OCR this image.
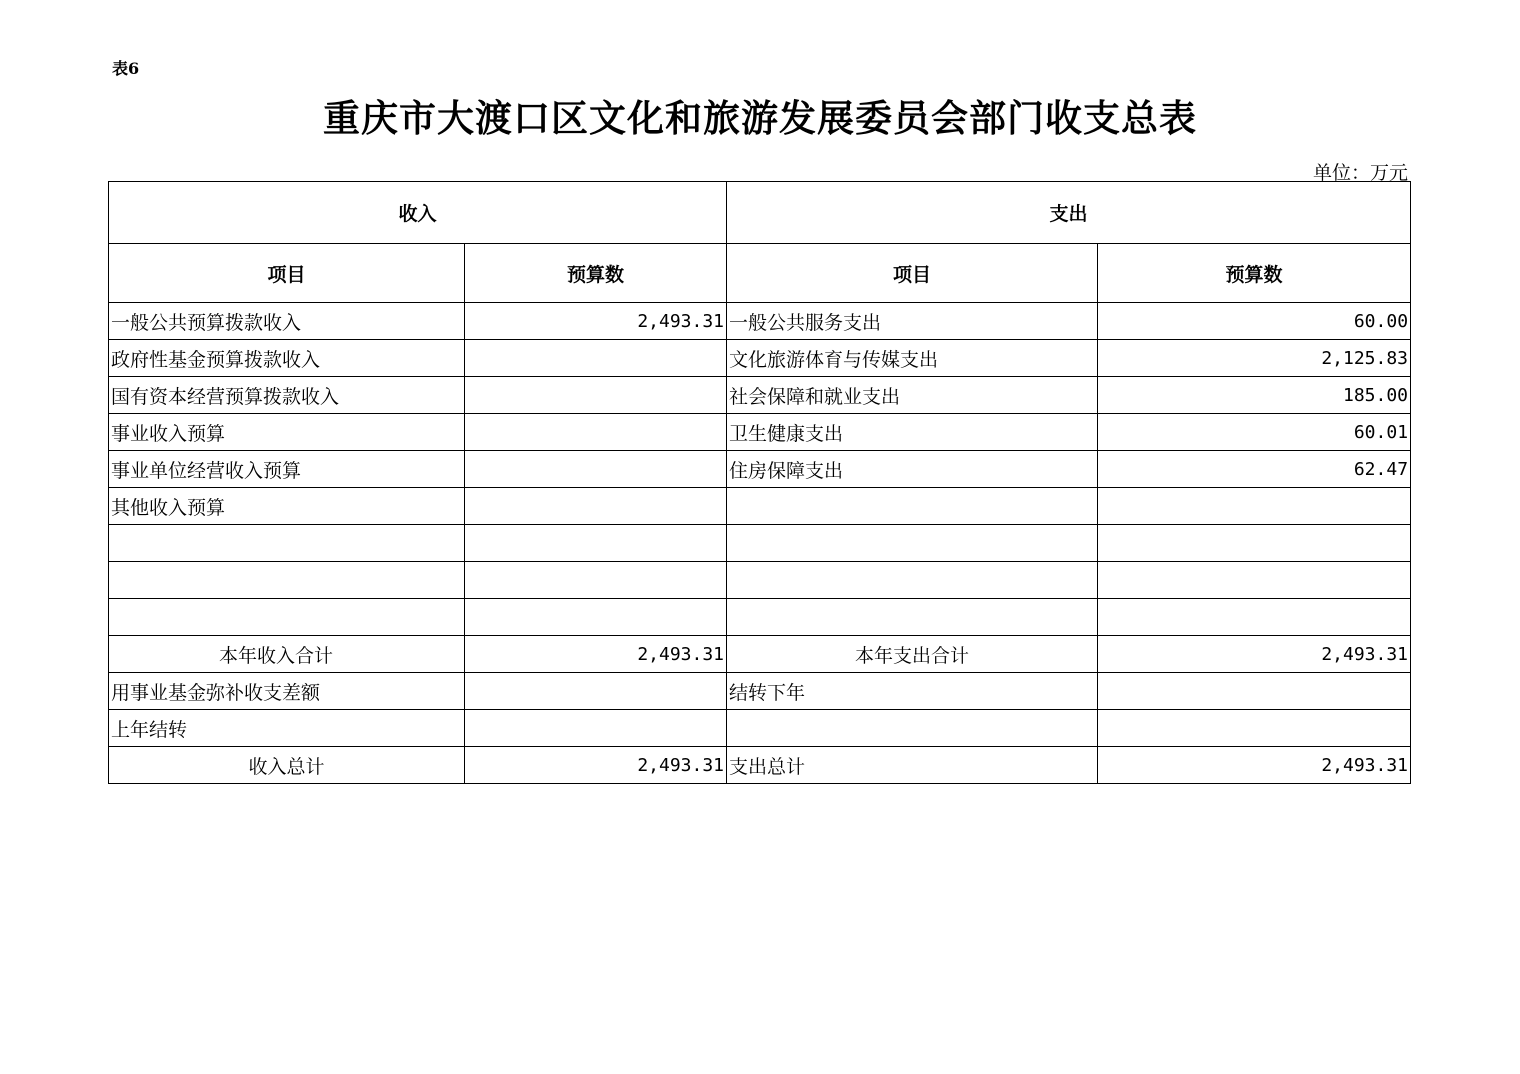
表6
重庆市大渡口区文化和旅游发展委员会部门收支总表
单位：万元
收入		支出	
项目	预算数	项目	预算数
一般公共预算拨款收入	2,493.31	一般公共服务支出	60.00
政府性基金预算拨款收入		文化旅游体育与传媒支出	2,125.83
国有资本经营预算拨款收入		社会保障和就业支出	185.00
事业收入预算		卫生健康支出	60.01
事业单位经营收入预算		住房保障支出	62.47
其他收入预算			

本年收入合计	2,493.31	本年支出合计	2,493.31
用事业基金弥补收支差额		结转下年	
上年结转			
收入总计	2,493.31	支出总计	2,493.31
